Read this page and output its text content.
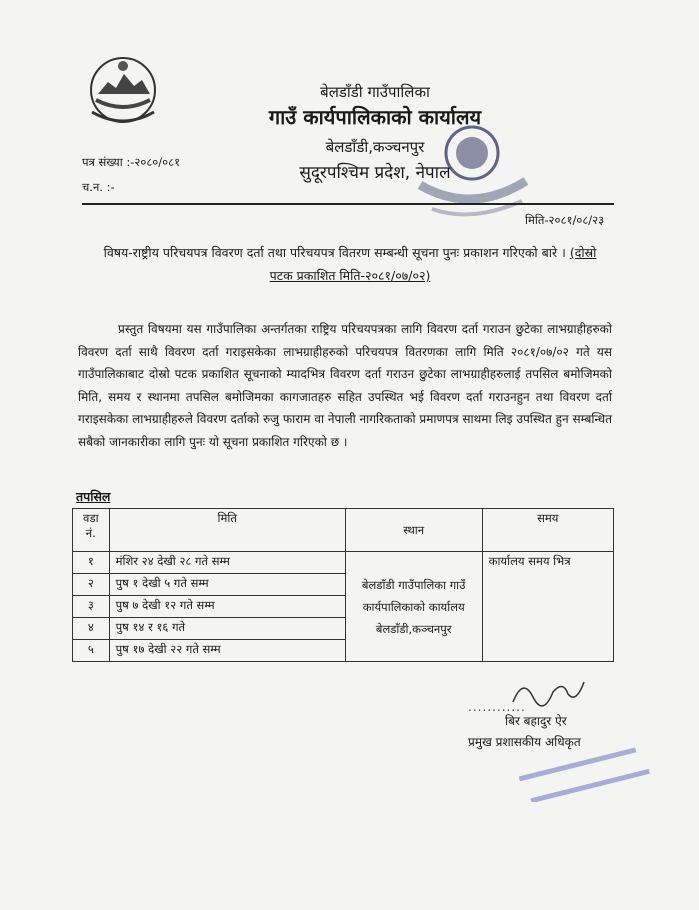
बेलडाँडी गाउँपालिका
गाउँ कार्यपालिकाको कार्यालय
बेलडाँडी,कञ्चनपुर
सुदूरपश्चिम प्रदेश, नेपाल
पत्र संख्या :-२०८०/०८१
च.न. :-
मिति-२०८१/०८/२३
विषय-राष्ट्रीय परिचयपत्र विवरण दर्ता तथा परिचयपत्र वितरण सम्बन्धी सूचना पुनः प्रकाशन गरिएको बारे । (दोस्रो पटक प्रकाशित मिति-२०८१/०७/०२)
प्रस्तुत विषयमा यस गाउँपालिका अन्तर्गतका राष्ट्रिय परिचयपत्रका लागि विवरण दर्ता गराउन छुटेका लाभग्राहीहरुको विवरण दर्ता साथै विवरण दर्ता गराइसकेका लाभग्राहीहरुको परिचयपत्र वितरणका लागि मिति २०८१/०७/०२ गते यस गाउँपालिकाबाट दोस्रो पटक प्रकाशित सूचनाको म्यादभित्र विवरण दर्ता गराउन छुटेका लाभग्राहीहरुलाई तपसिल बमोजिमको मिति, समय र स्थानमा तपसिल बमोजिमका कागजातहरु सहित उपस्थित भई विवरण दर्ता गराउनहुन तथा विवरण दर्ता गराइसकेका लाभग्राहीहरुले विवरण दर्ताको रुजु फाराम वा नेपाली नागरिकताको प्रमाणपत्र साथमा लिइ उपस्थित हुन सम्बन्धित सबैको जानकारीका लागि पुनः यो सूचना प्रकाशित गरिएको छ ।
तपसिल
वडा नं.	मिति	स्थान	समय
१	मंशिर २४ देखी २८ गते सम्म	बेलडाँडी गाउँपालिका गाउँ कार्यपालिकाको कार्यालय बेलडाँडी,कञ्चनपुर	कार्यालय समय भित्र
२	पुष १ देखी ५ गते सम्म		
३	पुष ७ देखी १२ गते सम्म		
४	पुष १४ र १६ गते		
५	पुष १७ देखी २२ गते सम्म		
............
बिर बहादुर ऐर
प्रमुख प्रशासकीय अधिकृत
